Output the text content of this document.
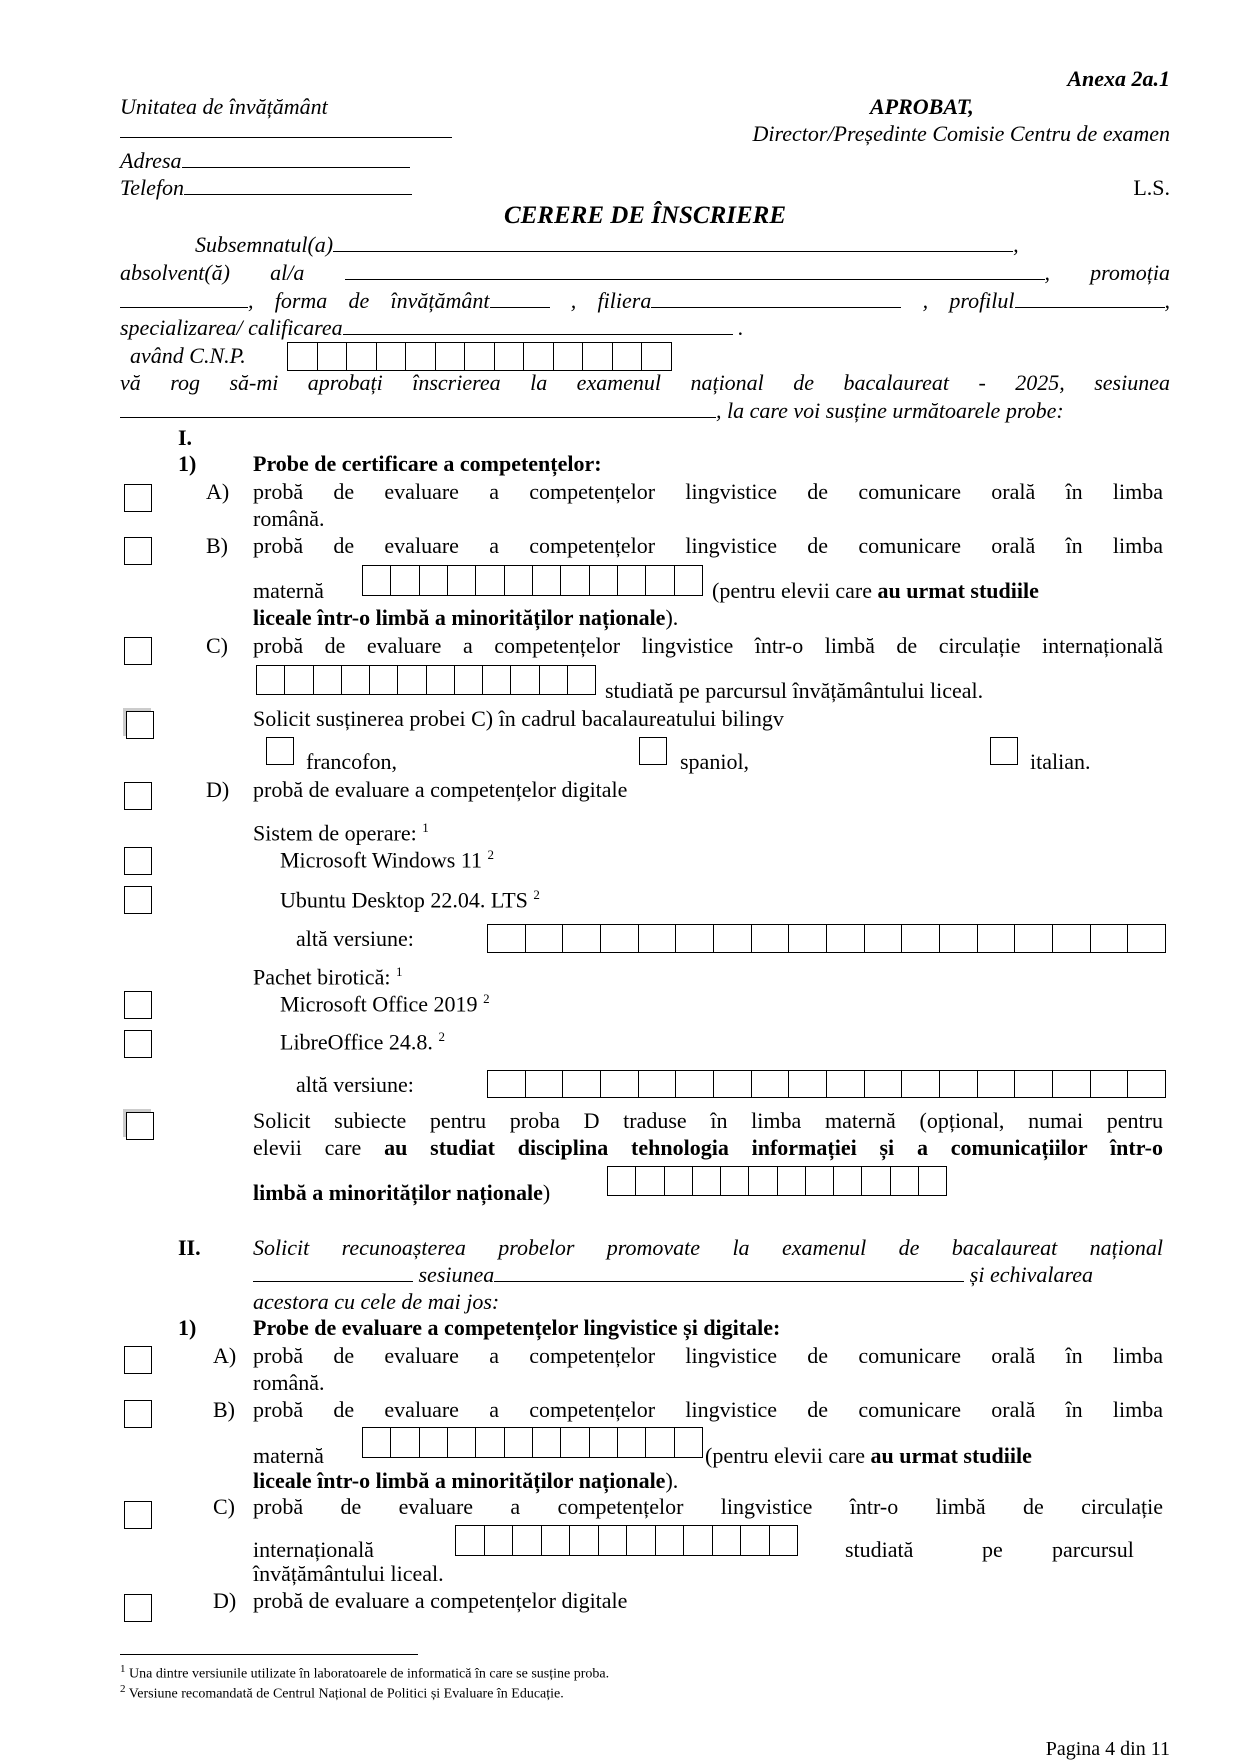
Anexa 2a.1
Unitatea de învățământ	APROBAT,
Director/Președinte Comisie Centru de examen
Adresa
Telefon	L.S.
CERERE DE ÎNSCRIERE
Subsemnatul(a)	,
absolvent(ă) al/a	, promoția
, forma de învățământ	, filiera	, profilul	,
specializarea/ calificarea	.
având C.N.P.
vă rog să-mi aprobați înscrierea la examenul național de bacalaureat - 2025, sesiunea
, la care voi susține următoarele probe:
I.
1)	Probe de certificare a competențelor:
A) probă de evaluare a competențelor lingvistice de comunicare orală în limba
română.
B) probă de evaluare a competențelor lingvistice de comunicare orală în limba
maternă	(pentru elevii care au urmat studiile
liceale într-o limbă a minorităților naționale).
C) probă de evaluare a competențelor lingvistice într-o limbă de circulație internațională
studiată pe parcursul învățământului liceal.
Solicit susținerea probei C) în cadrul bacalaureatului bilingv
francofon,	spaniol,	italian.
D) probă de evaluare a competențelor digitale
Sistem de operare: $^1$
Microsoft Windows 11 $^2$
Ubuntu Desktop 22.04. LTS $^2$
altă versiune:
Pachet birotică: $^1$
Microsoft Office 2019 $^2$
LibreOffice 24.8. $^2$
altă versiune:
Solicit subiecte pentru proba D traduse în limba maternă (opțional, numai pentru
elevii care au studiat disciplina tehnologia informației și a comunicațiilor într-o
limbă a minorităților naționale)
II. Solicit recunoașterea probelor promovate la examenul de bacalaureat național
sesiunea	și echivalarea
acestora cu cele de mai jos:
1)	Probe de evaluare a competențelor lingvistice și digitale:
A) probă de evaluare a competențelor lingvistice de comunicare orală în limba
română.
B) probă de evaluare a competențelor lingvistice de comunicare orală în limba
maternă	(pentru elevii care au urmat studiile
liceale într-o limbă a minorităților naționale).
C) probă de evaluare a competențelor lingvistice într-o limbă de circulație
internațională	studiată	pe parcursul
învățământului liceal.
D) probă de evaluare a competențelor digitale
$^1$ Una dintre versiunile utilizate în laboratoarele de informatică în care se susține proba.
$^2$ Versiune recomandată de Centrul Național de Politici și Evaluare în Educație.
Pagina 4 din 11
